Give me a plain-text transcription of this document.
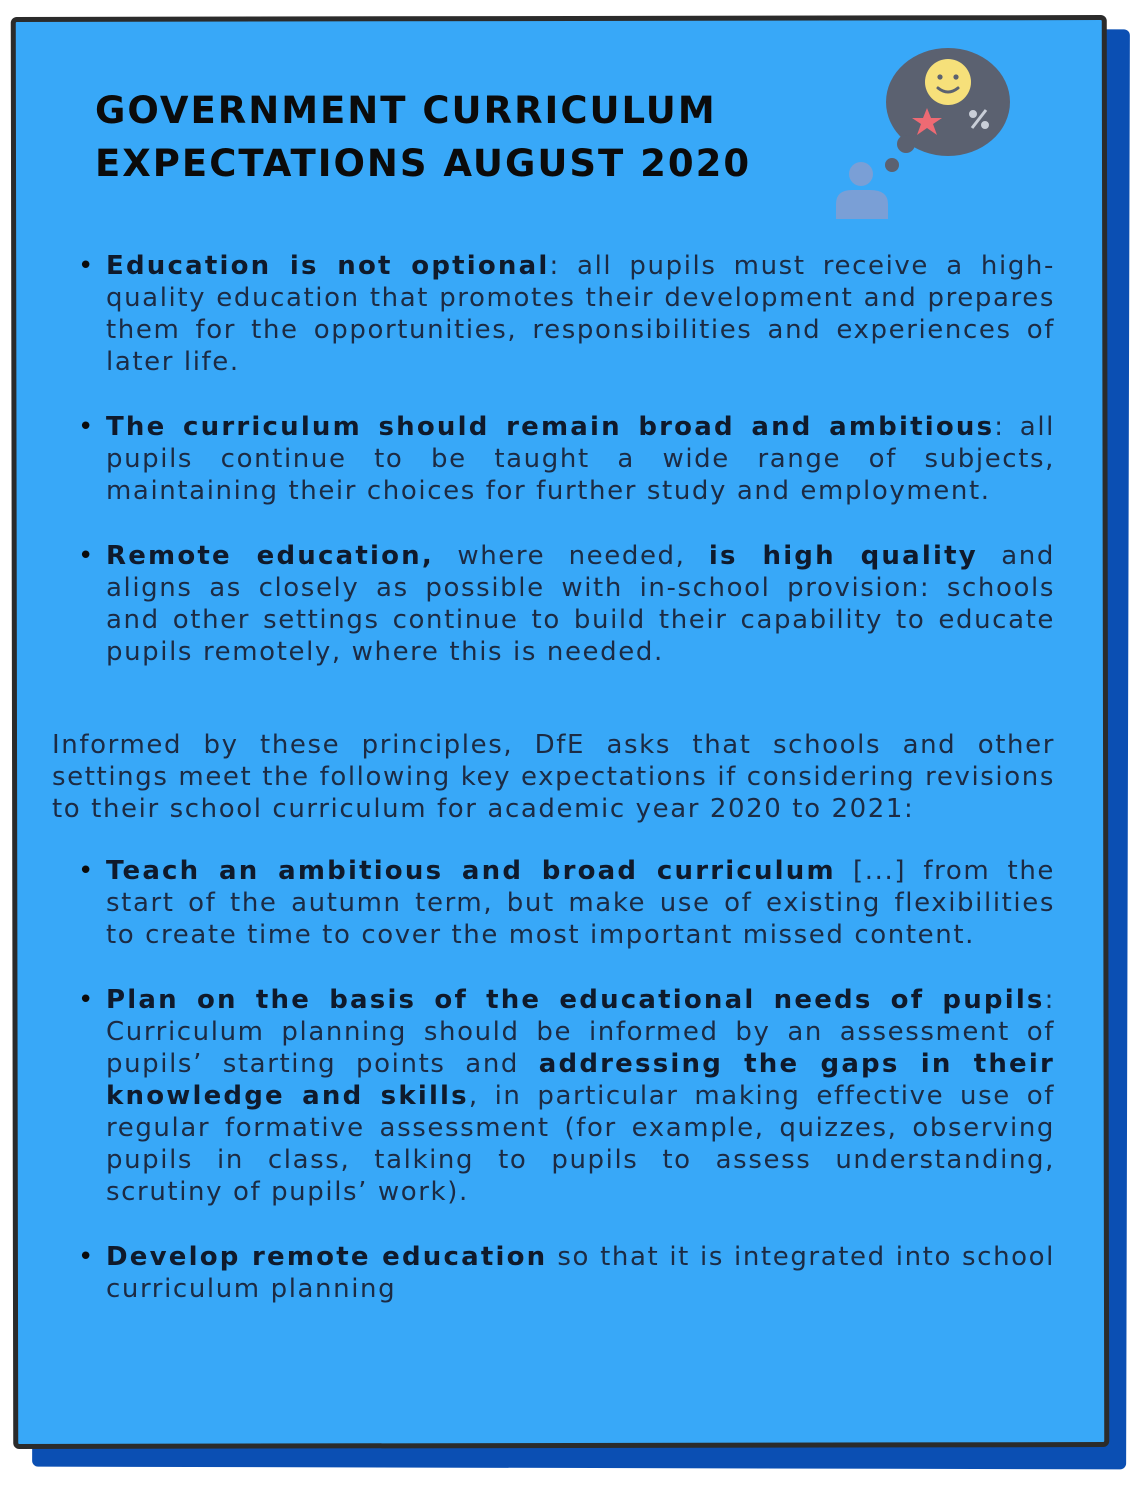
GOVERNMENT CURRICULUM
EXPECTATIONS AUGUST 2020
• Education is not optional: all pupils must receive a high-quality education that promotes their development and prepares them for the opportunities, responsibilities and experiences of later life.
• The curriculum should remain broad and ambitious: all pupils continue to be taught a wide range of subjects, maintaining their choices for further study and employment.
• Remote education, where needed, is high quality and aligns as closely as possible with in-school provision: schools and other settings continue to build their capability to educate pupils remotely, where this is needed.

Informed by these principles, DfE asks that schools and other settings meet the following key expectations if considering revisions to their school curriculum for academic year 2020 to 2021:

• Teach an ambitious and broad curriculum [...] from the start of the autumn term, but make use of existing flexibilities to create time to cover the most important missed content.
• Plan on the basis of the educational needs of pupils: Curriculum planning should be informed by an assessment of pupils’ starting points and addressing the gaps in their knowledge and skills, in particular making effective use of regular formative assessment (for example, quizzes, observing pupils in class, talking to pupils to assess understanding, scrutiny of pupils’ work).
• Develop remote education so that it is integrated into school curriculum planning
